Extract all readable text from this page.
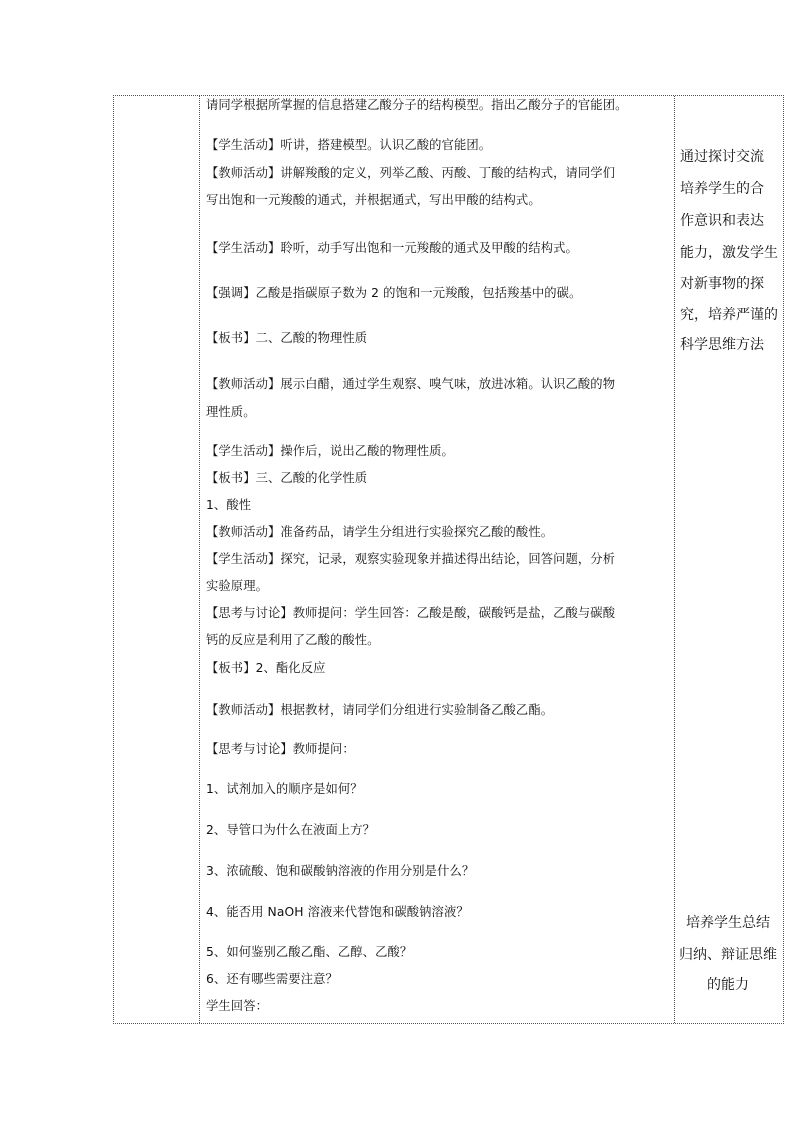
请同学根据所掌握的信息搭建乙酸分子的结构模型。指出乙酸分子的官能团。
【学生活动】听讲，搭建模型。认识乙酸的官能团。
【教师活动】讲解羧酸的定义，列举乙酸、丙酸、丁酸的结构式，请同学们
写出饱和一元羧酸的通式，并根据通式，写出甲酸的结构式。
【学生活动】聆听，动手写出饱和一元羧酸的通式及甲酸的结构式。
【强调】乙酸是指碳原子数为 2 的饱和一元羧酸，包括羧基中的碳。
【板书】二、乙酸的物理性质
【教师活动】展示白醋，通过学生观察、嗅气味，放进冰箱。认识乙酸的物
理性质。
【学生活动】操作后，说出乙酸的物理性质。
【板书】三、乙酸的化学性质
1、酸性
【教师活动】准备药品，请学生分组进行实验探究乙酸的酸性。
【学生活动】探究，记录，观察实验现象并描述得出结论，回答问题，分析
实验原理。
【思考与讨论】教师提问：学生回答：乙酸是酸，碳酸钙是盐，乙酸与碳酸
钙的反应是利用了乙酸的酸性。
【板书】2、酯化反应
【教师活动】根据教材，请同学们分组进行实验制备乙酸乙酯。
【思考与讨论】教师提问：
1、试剂加入的顺序是如何？
2、导管口为什么在液面上方？
3、浓硫酸、饱和碳酸钠溶液的作用分别是什么？
4、能否用 NaOH 溶液来代替饱和碳酸钠溶液？
5、如何鉴别乙酸乙酯、乙醇、乙酸？
6、还有哪些需要注意？
学生回答：
通过探讨交流
培养学生的合
作意识和表达
能力，激发学生
对新事物的探
究，培养严谨的
科学思维方法
培养学生总结
归纳、辩证思维
的能力
